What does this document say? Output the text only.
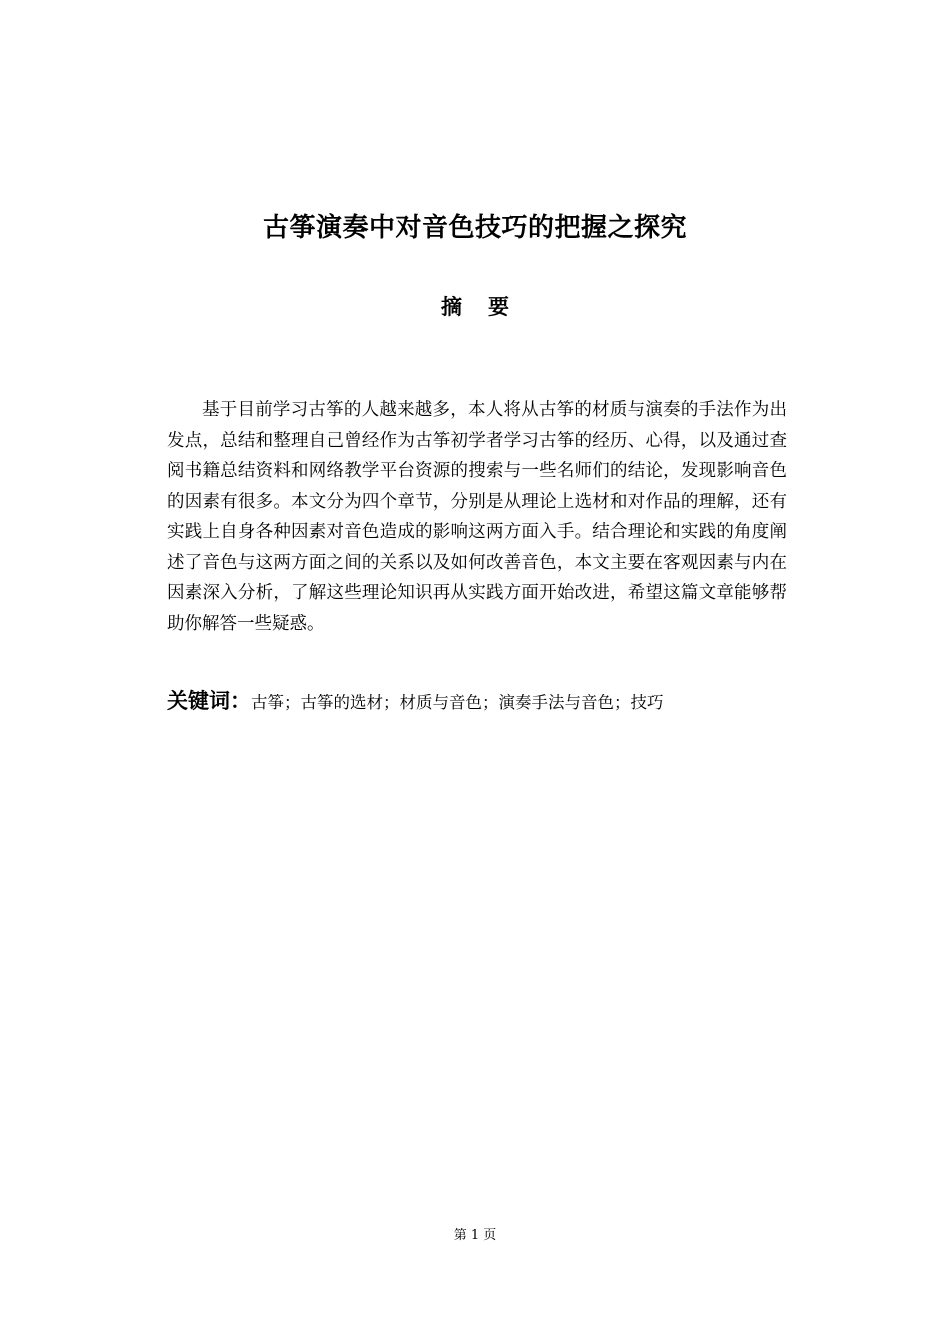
古筝演奏中对音色技巧的把握之探究
摘要

基于目前学习古筝的人越来越多，本人将从古筝的材质与演奏的手法作为出发点，总结和整理自己曾经作为古筝初学者学习古筝的经历、心得，以及通过查阅书籍总结资料和网络教学平台资源的搜索与一些名师们的结论，发现影响音色的因素有很多。本文分为四个章节，分别是从理论上选材和对作品的理解，还有实践上自身各种因素对音色造成的影响这两方面入手。结合理论和实践的角度阐述了音色与这两方面之间的关系以及如何改善音色，本文主要在客观因素与内在因素深入分析，了解这些理论知识再从实践方面开始改进，希望这篇文章能够帮助你解答一些疑惑。

关键词：古筝；古筝的选材；材质与音色；演奏手法与音色；技巧
第 1 页
